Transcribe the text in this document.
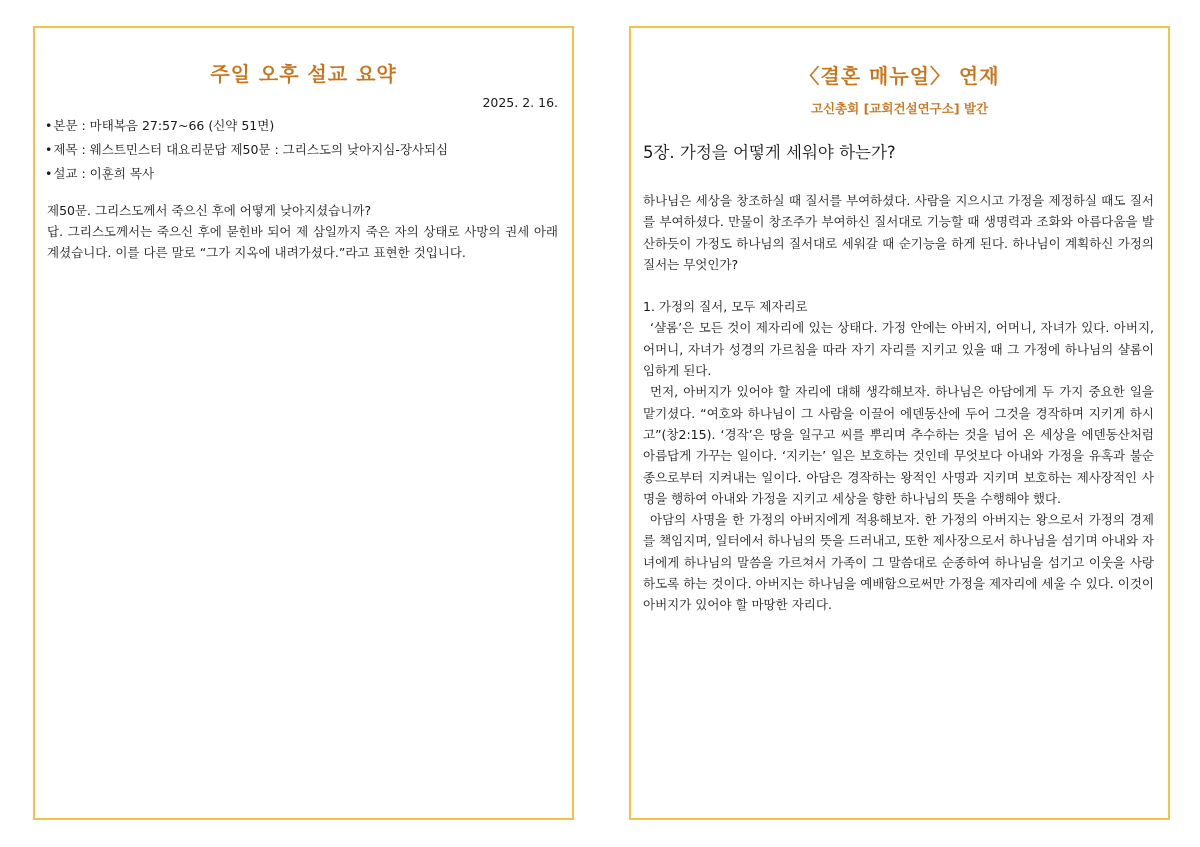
주일 오후 설교 요약
2025. 2. 16.
• 본문 : 마태복음 27:57~66 (신약 51면)
• 제목 : 웨스트민스터 대요리문답 제50문 : 그리스도의 낮아지심-장사되심
• 설교 : 이훈희 목사

제50문. 그리스도께서 죽으신 후에 어떻게 낮아지셨습니까?

답. 그리스도께서는 죽으신 후에 묻힌바 되어 제 삼일까지 죽은 자의 상태로 사망의 권세 아래 계셨습니다. 이를 다른 말로 “그가 지옥에 내려가셨다.”라고 표현한 것입니다.

〈결혼 매뉴얼〉 연재
고신총회 [교회건설연구소] 발간
5장. 가정을 어떻게 세워야 하는가?

하나님은 세상을 창조하실 때 질서를 부여하셨다. 사람을 지으시고 가정을 제정하실 때도 질서를 부여하셨다. 만물이 창조주가 부여하신 질서대로 기능할 때 생명력과 조화와 아름다움을 발산하듯이 가정도 하나님의 질서대로 세워갈 때 순기능을 하게 된다. 하나님이 계획하신 가정의 질서는 무엇인가?

1. 가정의 질서, 모두 제자리로

‘샬롬’은 모든 것이 제자리에 있는 상태다. 가정 안에는 아버지, 어머니, 자녀가 있다. 아버지, 어머니, 자녀가 성경의 가르침을 따라 자기 자리를 지키고 있을 때 그 가정에 하나님의 샬롬이 임하게 된다.

먼저, 아버지가 있어야 할 자리에 대해 생각해보자. 하나님은 아담에게 두 가지 중요한 일을 맡기셨다. “여호와 하나님이 그 사람을 이끌어 에덴동산에 두어 그것을 경작하며 지키게 하시고”(창2:15). ‘경작’은 땅을 일구고 씨를 뿌리며 추수하는 것을 넘어 온 세상을 에덴동산처럼 아름답게 가꾸는 일이다. ‘지키는’ 일은 보호하는 것인데 무엇보다 아내와 가정을 유혹과 불순종으로부터 지켜내는 일이다. 아담은 경작하는 왕적인 사명과 지키며 보호하는 제사장적인 사명을 행하여 아내와 가정을 지키고 세상을 향한 하나님의 뜻을 수행해야 했다.

아담의 사명을 한 가정의 아버지에게 적용해보자. 한 가정의 아버지는 왕으로서 가정의 경제를 책임지며, 일터에서 하나님의 뜻을 드러내고, 또한 제사장으로서 하나님을 섬기며 아내와 자녀에게 하나님의 말씀을 가르쳐서 가족이 그 말씀대로 순종하여 하나님을 섬기고 이웃을 사랑하도록 하는 것이다. 아버지는 하나님을 예배함으로써만 가정을 제자리에 세울 수 있다. 이것이 아버지가 있어야 할 마땅한 자리다.
